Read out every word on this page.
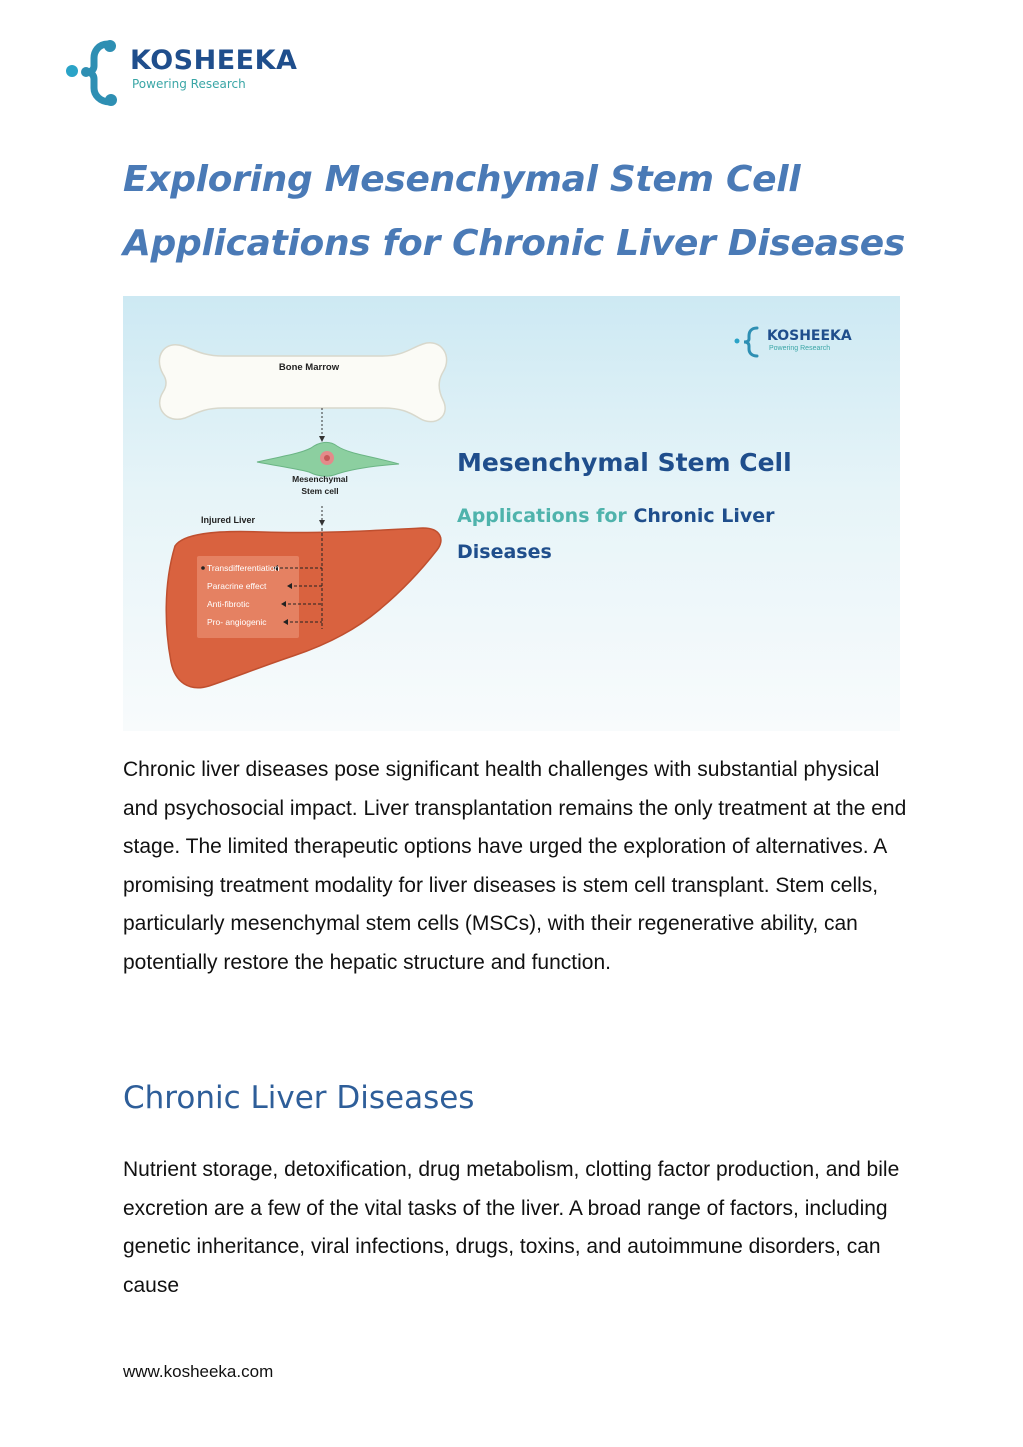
KOSHEEKA
Powering Research
Exploring Mesenchymal Stem Cell
Applications for Chronic Liver Diseases
Bone Marrow
Mesenchymal
Stem cell
Injured Liver
Transdifferentiation
Paracrine effect
Anti-fibrotic
Pro- angiogenic
KOSHEEKA
Powering Research
Mesenchymal Stem Cell
Applications for Chronic Liver
Diseases

Chronic liver diseases pose significant health challenges with substantial physical and psychosocial impact. Liver transplantation remains the only treatment at the end stage. The limited therapeutic options have urged the exploration of alternatives. A promising treatment modality for liver diseases is stem cell transplant. Stem cells, particularly mesenchymal stem cells (MSCs), with their regenerative ability, can potentially restore the hepatic structure and function.

Chronic Liver Diseases

Nutrient storage, detoxification, drug metabolism, clotting factor production, and bile excretion are a few of the vital tasks of the liver. A broad range of factors, including genetic inheritance, viral infections, drugs, toxins, and autoimmune disorders, can cause

www.kosheeka.com
